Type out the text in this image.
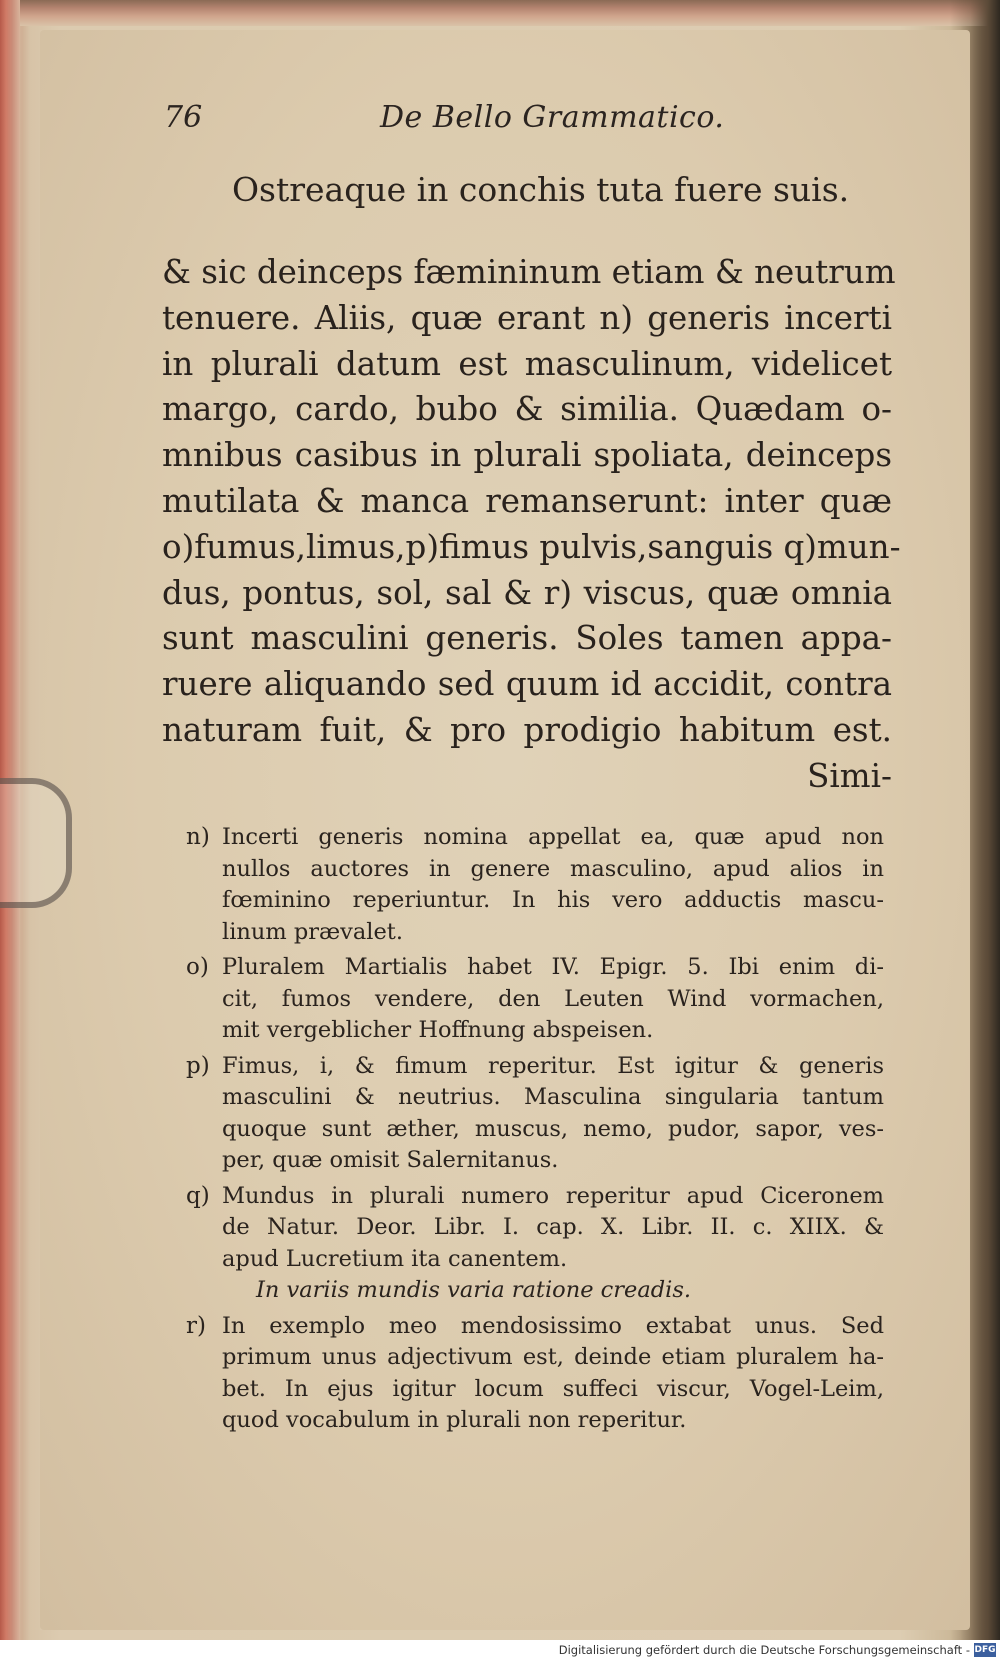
76	De Bello Grammatico.
Ostreaque in conchis tuta fuere suis.
& sic deinceps fæmininum etiam & neutrum
tenuere. Aliis, quæ erant n) generis incerti
in plurali datum est masculinum, videlicet
margo, cardo, bubo & similia. Quædam o-
mnibus casibus in plurali spoliata, deinceps
mutilata & manca remanserunt: inter quæ
o)fumus,limus,p)fimus pulvis,sanguis q)mun-
dus, pontus, sol, sal & r) viscus, quæ omnia
sunt masculini generis. Soles tamen appa-
ruere aliquando sed quum id accidit, contra
naturam fuit, & pro prodigio habitum est.
Simi-
n) Incerti generis nomina appellat ea, quæ apud non
nullos auctores in genere masculino, apud alios in
fœminino reperiuntur. In his vero adductis mascu-
linum prævalet.
o) Pluralem Martialis habet IV. Epigr. 5. Ibi enim di-
cit, fumos vendere, den Leuten Wind vormachen,
mit vergeblicher Hoffnung abspeisen.
p) Fimus, i, & fimum reperitur. Est igitur & generis
masculini & neutrius. Masculina singularia tantum
quoque sunt æther, muscus, nemo, pudor, sapor, ves-
per, quæ omisit Salernitanus.
q) Mundus in plurali numero reperitur apud Ciceronem
de Natur. Deor. Libr. I. cap. X. Libr. II. c. XIIX. &
apud Lucretium ita canentem.
In variis mundis varia ratione creadis.
r) In exemplo meo mendosissimo extabat unus. Sed
primum unus adjectivum est, deinde etiam pluralem ha-
bet. In ejus igitur locum suffeci viscur, Vogel-Leim,
quod vocabulum in plurali non reperitur.
Digitalisierung gefördert durch die Deutsche Forschungsgemeinschaft - DFG
